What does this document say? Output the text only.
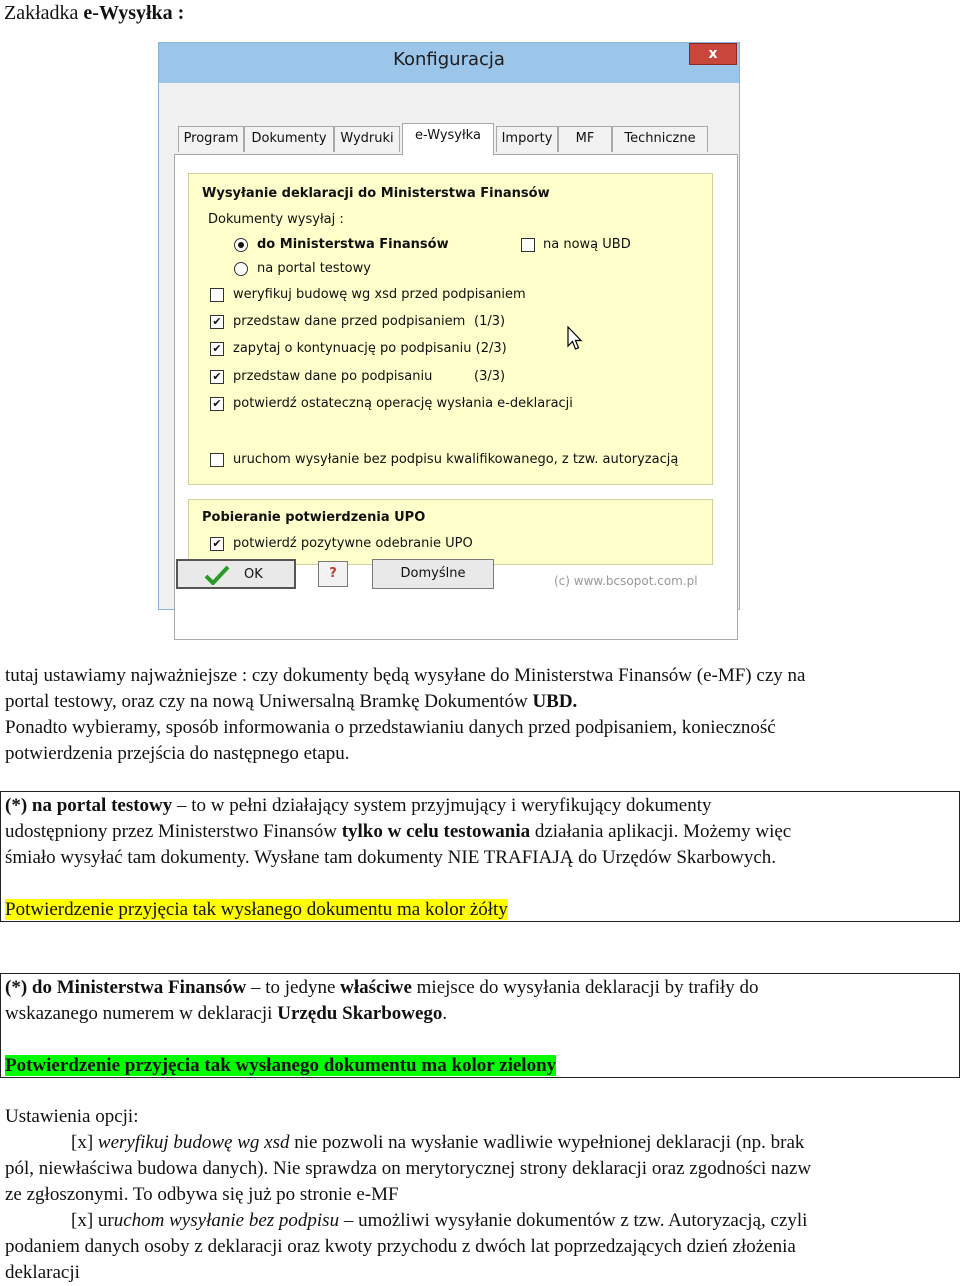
Zakładka e-Wysyłka :
Konfiguracja	x
Program	Dokumenty	Wydruki	e-Wysyłka	Importy	MF	Techniczne
Wysyłanie deklaracji do Ministerstwa Finansów
Dokumenty wysyłaj :
do Ministerstwa Finansów	na nową UBD
na portal testowy
weryfikuj budowę wg xsd przed podpisaniem
✔ przedstaw dane przed podpisaniem (1/3)
✔ zapytaj o kontynuację po podpisaniu (2/3)
✔ przedstaw dane po podpisaniu	(3/3)
✔ potwierdź ostateczną operację wysłania e-deklaracji
uruchom wysyłanie bez podpisu kwalifikowanego, z tzw. autoryzacją
Pobieranie potwierdzenia UPO
✔ potwierdź pozytywne odebranie UPO
OK	?	Domyślne	(c) www.bcsopot.com.pl
tutaj ustawiamy najważniejsze : czy dokumenty będą wysyłane do Ministerstwa Finansów (e-MF) czy na
portal testowy, oraz czy na nową Uniwersalną Bramkę Dokumentów UBD.
Ponadto wybieramy, sposób informowania o przedstawianiu danych przed podpisaniem, konieczność
potwierdzenia przejścia do następnego etapu.
(*) na portal testowy – to w pełni działający system przyjmujący i weryfikujący dokumenty
udostępniony przez Ministerstwo Finansów tylko w celu testowania działania aplikacji. Możemy więc
śmiało wysyłać tam dokumenty. Wysłane tam dokumenty NIE TRAFIAJĄ do Urzędów Skarbowych.
Potwierdzenie przyjęcia tak wysłanego dokumentu ma kolor żółty
(*) do Ministerstwa Finansów – to jedyne właściwe miejsce do wysyłania deklaracji by trafiły do
wskazanego numerem w deklaracji Urzędu Skarbowego.
Potwierdzenie przyjęcia tak wysłanego dokumentu ma kolor zielony
Ustawienia opcji:
[x] weryfikuj budowę wg xsd nie pozwoli na wysłanie wadliwie wypełnionej deklaracji (np. brak
pól, niewłaściwa budowa danych). Nie sprawdza on merytorycznej strony deklaracji oraz zgodności nazw
ze zgłoszonymi. To odbywa się już po stronie e-MF
[x] uruchom wysyłanie bez podpisu – umożliwi wysyłanie dokumentów z tzw. Autoryzacją, czyli
podaniem danych osoby z deklaracji oraz kwoty przychodu z dwóch lat poprzedzających dzień złożenia
deklaracji
